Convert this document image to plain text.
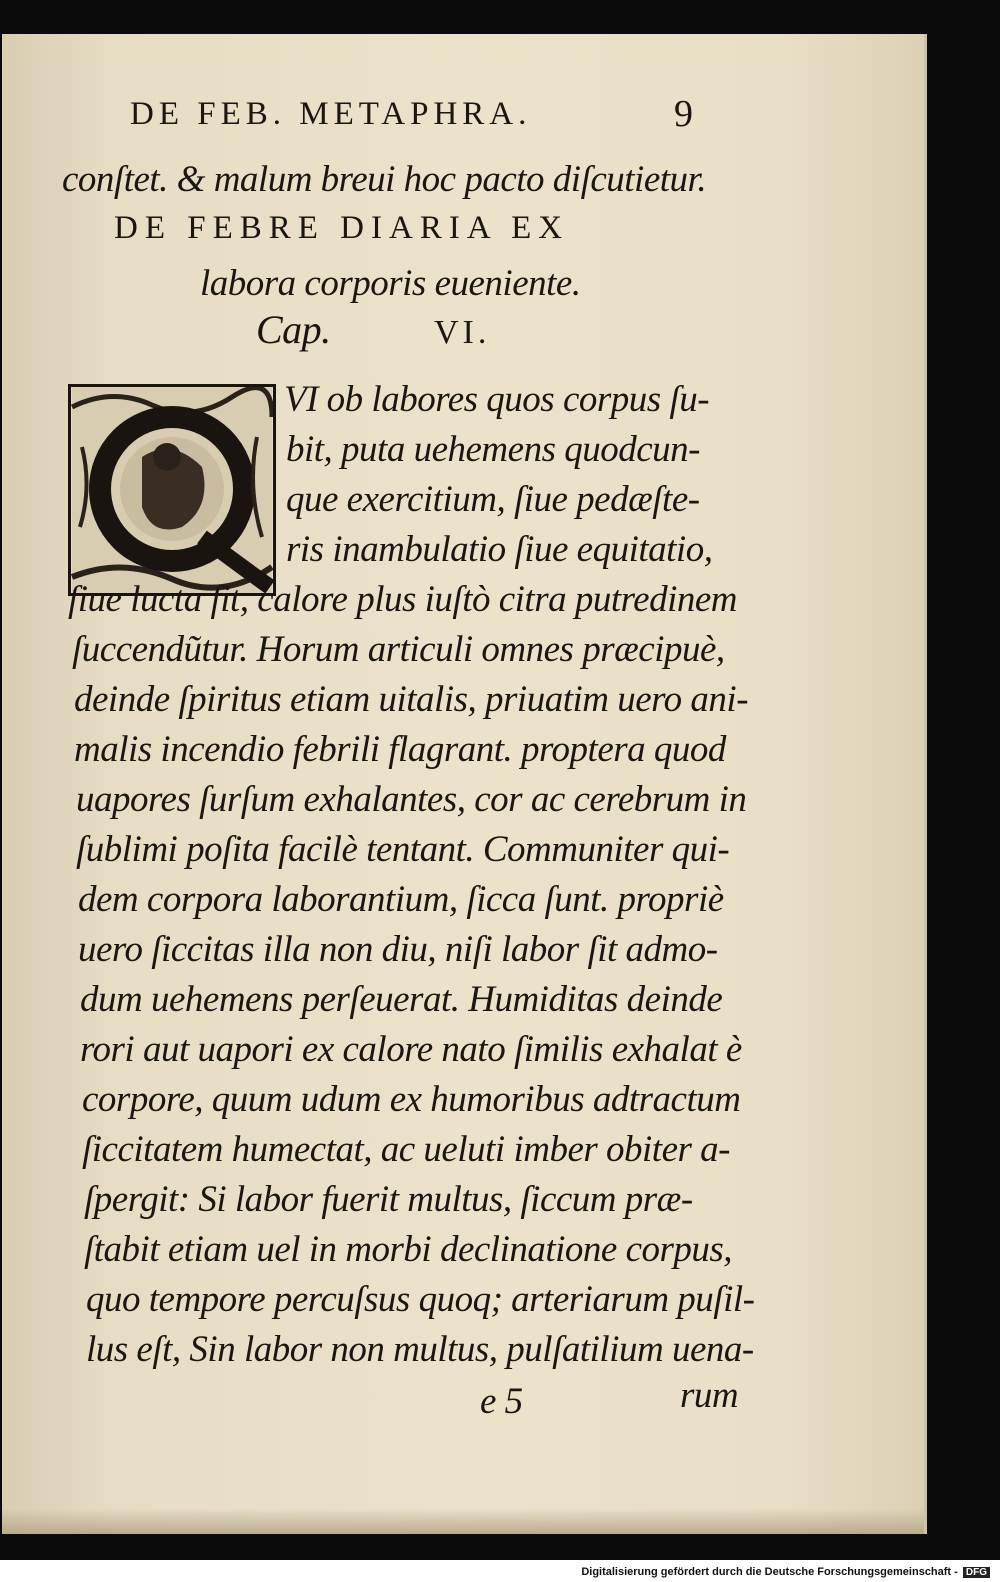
DE FEB. METAPHRA.	9
conſtet. & malum breui hoc pacto diſcutietur.
DE FEBRE DIARIA EX
labora corporis eueniente.
Cap.	VI.
VI ob labores quos corpus ſu-
bit, puta uehemens quodcun-
que exercitium, ſiue pedæſte-
ris inambulatio ſiue equitatio,
ſiue lucta ſit, calore plus iuſtò citra putredinem
ſuccendũtur. Horum articuli omnes præcipuè,
deinde ſpiritus etiam uitalis, priuatim uero ani-
malis incendio febrili flagrant. proptera quod
uapores ſurſum exhalantes, cor ac cerebrum in
ſublimi poſita facilè tentant. Communiter qui-
dem corpora laborantium, ſicca ſunt. propriè
uero ſiccitas illa non diu, niſi labor ſit admo-
dum uehemens perſeuerat. Humiditas deinde
rori aut uapori ex calore nato ſimilis exhalat è
corpore, quum udum ex humoribus adtractum
ſiccitatem humectat, ac ueluti imber obiter a-
ſpergit: Si labor fuerit multus, ſiccum præ-
ſtabit etiam uel in morbi declinatione corpus,
quo tempore percuſsus quoq; arteriarum puſil-
lus eſt, Sin labor non multus, pulſatilium uena-
e 5	rum
Digitalisierung gefördert durch die Deutsche Forschungsgemeinschaft - DFG
